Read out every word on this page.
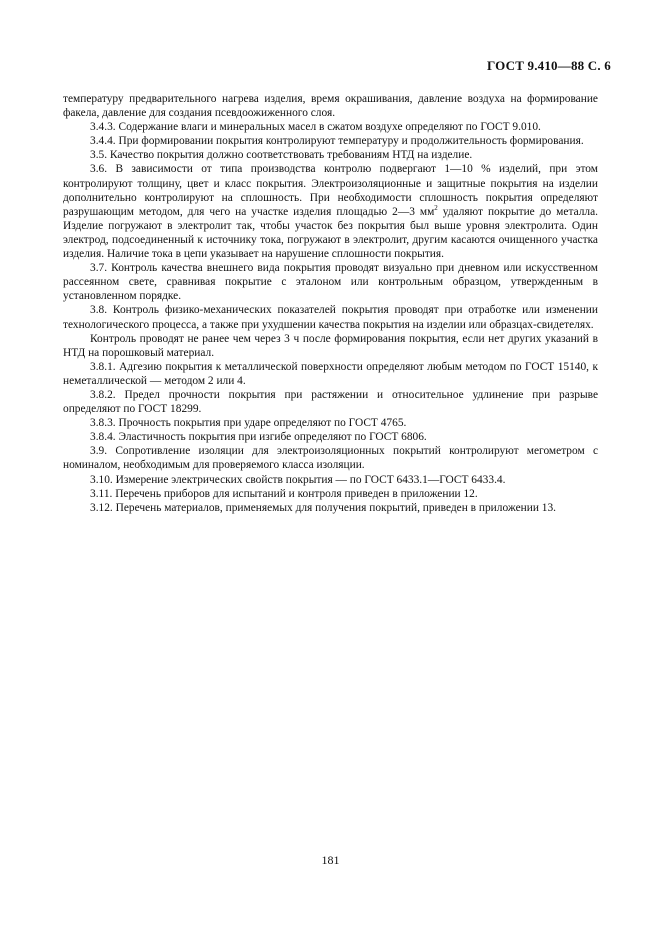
ГОСТ 9.410—88 С. 6

температуру предварительного нагрева изделия, время окрашивания, давление воздуха на формирование факела, давление для создания псевдоожиженного слоя.

3.4.3. Содержание влаги и минеральных масел в сжатом воздухе определяют по ГОСТ 9.010.

3.4.4. При формировании покрытия контролируют температуру и продолжительность формирования.

3.5. Качество покрытия должно соответствовать требованиям НТД на изделие.

3.6. В зависимости от типа производства контролю подвергают 1—10 % изделий, при этом контролируют толщину, цвет и класс покрытия. Электроизоляционные и защитные покрытия на изделии дополнительно контролируют на сплошность. При необходимости сплошность покрытия определяют разрушающим методом, для чего на участке изделия площадью 2—3 $мм^2$ удаляют покрытие до металла. Изделие погружают в электролит так, чтобы участок без покрытия был выше уровня электролита. Один электрод, подсоединенный к источнику тока, погружают в электролит, другим касаются очищенного участка изделия. Наличие тока в цепи указывает на нарушение сплошности покрытия.

3.7. Контроль качества внешнего вида покрытия проводят визуально при дневном или искусственном рассеянном свете, сравнивая покрытие с эталоном или контрольным образцом, утвержденным в установленном порядке.

3.8. Контроль физико-механических показателей покрытия проводят при отработке или изменении технологического процесса, а также при ухудшении качества покрытия на изделии или образцах-свидетелях.

Контроль проводят не ранее чем через 3 ч после формирования покрытия, если нет других указаний в НТД на порошковый материал.

3.8.1. Адгезию покрытия к металлической поверхности определяют любым методом по ГОСТ 15140, к неметаллической — методом 2 или 4.

3.8.2. Предел прочности покрытия при растяжении и относительное удлинение при разрыве определяют по ГОСТ 18299.

3.8.3. Прочность покрытия при ударе определяют по ГОСТ 4765.

3.8.4. Эластичность покрытия при изгибе определяют по ГОСТ 6806.

3.9. Сопротивление изоляции для электроизоляционных покрытий контролируют мегометром с номиналом, необходимым для проверяемого класса изоляции.

3.10. Измерение электрических свойств покрытия — по ГОСТ 6433.1—ГОСТ 6433.4.

3.11. Перечень приборов для испытаний и контроля приведен в приложении 12.

3.12. Перечень материалов, применяемых для получения покрытий, приведен в приложении 13.

181
